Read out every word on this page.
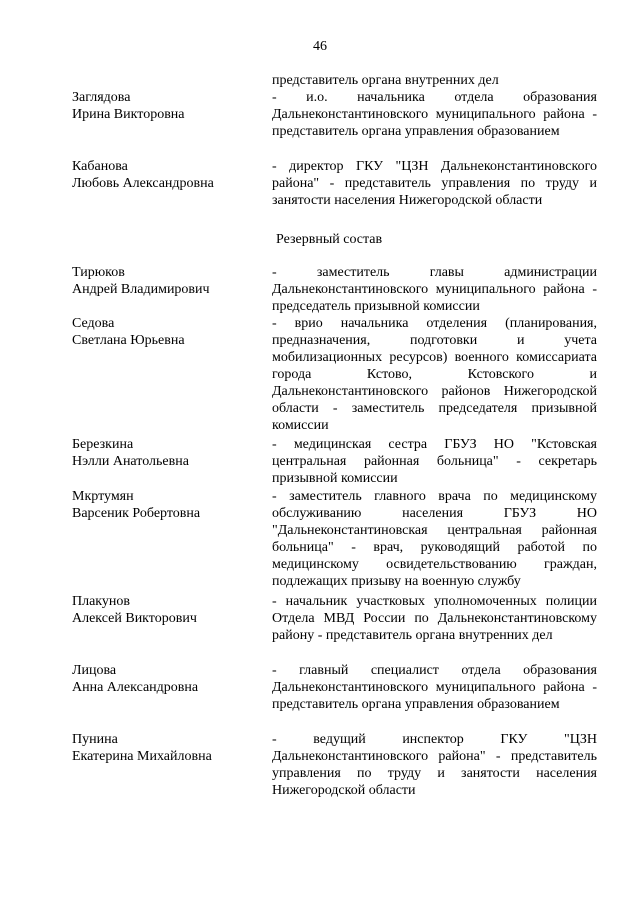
46
представитель органа внутренних дел
Заглядова
Ирина Викторовна
- и.о. начальника отдела образования Дальнеконстантиновского муниципального района - представитель органа управления образованием
Кабанова
Любовь Александровна
- директор ГКУ "ЦЗН Дальнеконстантиновского района" - представитель управления по труду и занятости населения Нижегородской области
Резервный состав
Тирюков
Андрей Владимирович
- заместитель главы администрации Дальнеконстантиновского муниципального района - председатель призывной комиссии
Седова
Светлана Юрьевна
- врио начальника отделения (планирования, предназначения, подготовки и учета мобилизационных ресурсов) военного комиссариата города Кстово, Кстовского и Дальнеконстантиновского районов Нижегородской области - заместитель председателя призывной комиссии
Березкина
Нэлли Анатольевна
- медицинская сестра ГБУЗ НО "Кстовская центральная районная больница" - секретарь призывной комиссии
Мкртумян
Варсеник Робертовна
- заместитель главного врача по медицинскому обслуживанию населения ГБУЗ НО "Дальнеконстантиновская центральная районная больница" - врач, руководящий работой по медицинскому освидетельствованию граждан, подлежащих призыву на военную службу
Плакунов
Алексей Викторович
- начальник участковых уполномоченных полиции Отдела МВД России по Дальнеконстантиновскому району - представитель органа внутренних дел
Лицова
Анна Александровна
- главный специалист отдела образования Дальнеконстантиновского муниципального района - представитель органа управления образованием
Пунина
Екатерина Михайловна
- ведущий инспектор ГКУ "ЦЗН Дальнеконстантиновского района" - представитель управления по труду и занятости населения Нижегородской области
